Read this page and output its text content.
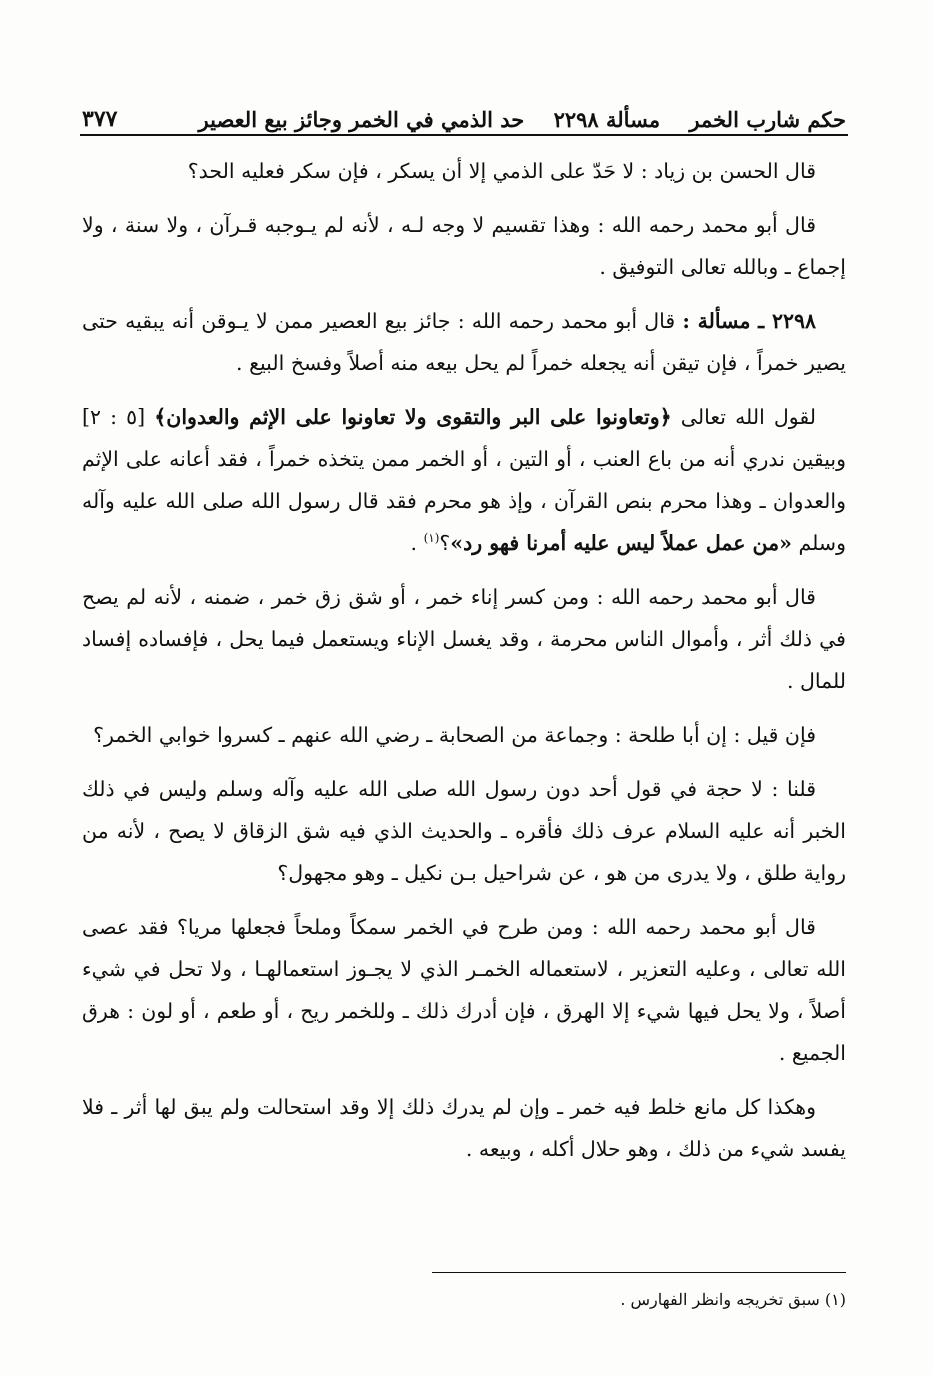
حكم شارب الخمر مسألة ٢٢٩٨ حد الذمي في الخمر وجائز بيع العصير
٣٧٧

قال الحسن بن زياد : لا حَدّ على الذمي إلا أن يسكر ، فإن سكر فعليه الحد؟

قال أبو محمد رحمه الله : وهذا تقسيم لا وجه لـه ، لأنه لم يـوجبه قـرآن ، ولا سنة ، ولا إجماع ـ وبالله تعالى التوفيق .

٢٢٩٨ ـ مسألة : قال أبو محمد رحمه الله : جائز بيع العصير ممن لا يـوقن أنه يبقيه حتى يصير خمراً ، فإن تيقن أنه يجعله خمراً لم يحل بيعه منه أصلاً وفسخ البيع .

لقول الله تعالى ﴿وتعاونوا على البر والتقوى ولا تعاونوا على الإثم والعدوان﴾ [٥ : ٢] وبيقين ندري أنه من باع العنب ، أو التين ، أو الخمر ممن يتخذه خمراً ، فقد أعانه على الإثم والعدوان ـ وهذا محرم بنص القرآن ، وإذ هو محرم فقد قال رسول الله صلى الله عليه وآله وسلم «من عمل عملاً ليس عليه أمرنا فهو رد»؟$^{(١)}$ .

قال أبو محمد رحمه الله : ومن كسر إناء خمر ، أو شق زق خمر ، ضمنه ، لأنه لم يصح في ذلك أثر ، وأموال الناس محرمة ، وقد يغسل الإناء ويستعمل فيما يحل ، فإفساده إفساد للمال .

فإن قيل : إن أبا طلحة : وجماعة من الصحابة ـ رضي الله عنهم ـ كسروا خوابي الخمر؟

قلنا : لا حجة في قول أحد دون رسول الله صلى الله عليه وآله وسلم وليس في ذلك الخبر أنه عليه السلام عرف ذلك فأقره ـ والحديث الذي فيه شق الزقاق لا يصح ، لأنه من رواية طلق ، ولا يدرى من هو ، عن شراحيل بـن نكيل ـ وهو مجهول؟

قال أبو محمد رحمه الله : ومن طرح في الخمر سمكاً وملحاً فجعلها مريا؟ فقد عصى الله تعالى ، وعليه التعزير ، لاستعماله الخمـر الذي لا يجـوز استعمالهـا ، ولا تحل في شيء أصلاً ، ولا يحل فيها شيء إلا الهرق ، فإن أدرك ذلك ـ وللخمر ريح ، أو طعم ، أو لون : هرق الجميع .

وهكذا كل مانع خلط فيه خمر ـ وإن لم يدرك ذلك إلا وقد استحالت ولم يبق لها أثر ـ فلا يفسد شيء من ذلك ، وهو حلال أكله ، وبيعه .

(١) سبق تخريجه وانظر الفهارس .
